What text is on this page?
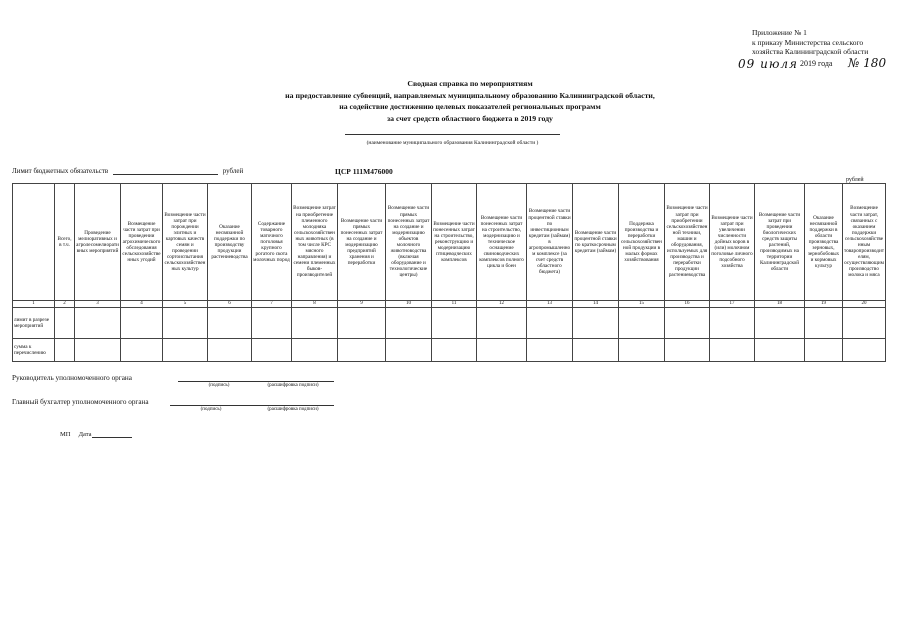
Приложение № 1
к приказу Министерства сельского
хозяйства Калининградской области
09 июля 2019 года № 180
Сводная справка по мероприятиям
на предоставление субвенций, направляемых муниципальному образованию Калининградской области,
на содействие достижению целевых показателей региональных программ
за счет средств областного бюджета в 2019 году
(наименование муниципального образования Калининградской области )
Лимит бюджетных обязательств	рублей	ЦСР 111М476000
рублей
	Всего, в т.ч.	Проведение мелиоративных и агролесомелиоративных мероприятий	Возмещение части затрат при проведении агрохимического обследования сельскохозяйственных угодий	Возмещение части затрат при порождении элитных и картовых качеств семян и проведении сортоиспытания сельскохозяйственных культур	Оказание несвязанной поддержки по производству продукции растениеводства	Содержание товарного маточного поголовья крупного рогатого скота молочных пород	Возмещение затрат на приобретение племенного молодняка сельскохозяйственных животных (в том числе КРС мясного направления) и семени племенных быков-производителей	Возмещение части прямых понесенных затрат на создание и модернизацию предприятий хранения и переработки	Возмещение части прямых понесенных затрат на создание и модернизацию объектов молочного животноводства (включая оборудование и технологические центры)	Возмещение части понесенных затрат на строительство, реконструкцию и модернизацию птицеводческих комплексов	Возмещение части понесенных затрат на строительство, модернизацию и техническое оснащение свиноводческих комплексов полного цикла и боен	Возмещение части процентной ставки по инвестиционным кредитам (займам) в агропромышленном комплексе (за счет средств областного бюджета)	Возмещение части процентной ставки по краткосрочным кредитам (займам)	Поддержка производства и переработки сельскохозяйственной продукции в малых формах хозяйствования	Возмещение части затрат при приобретении сельскохозяйственной техники, машин и оборудования, используемых для производства и переработки продукции растениеводства	Возмещение части затрат при увеличении численности дойных коров в (или) молочном поголовье личного подсобного хозяйства	Возмещение части затрат при проведении биологических средств защиты растений, производимых на территории Калининградской области	Оказание несвязанной поддержки в области производства зерновых, зернобобовых и кормовых культур	Возмещение части затрат, связанных с оказанием поддержки сельскохозяйственным товаропроизводителям, осуществляющим производство молока и мяса
1	2	3	4	5	6	7	8	9	10	11	12	13	14	15	16	17	18	19	20
лимит в разрезе мероприятий																			
сумма к перечислению																			
Руководитель уполномоченного органа
(подпись)	(расшифровка подписи)
Главный бухгалтер уполномоченного органа
(подпись)	(расшифровка подписи)
МП Дата
